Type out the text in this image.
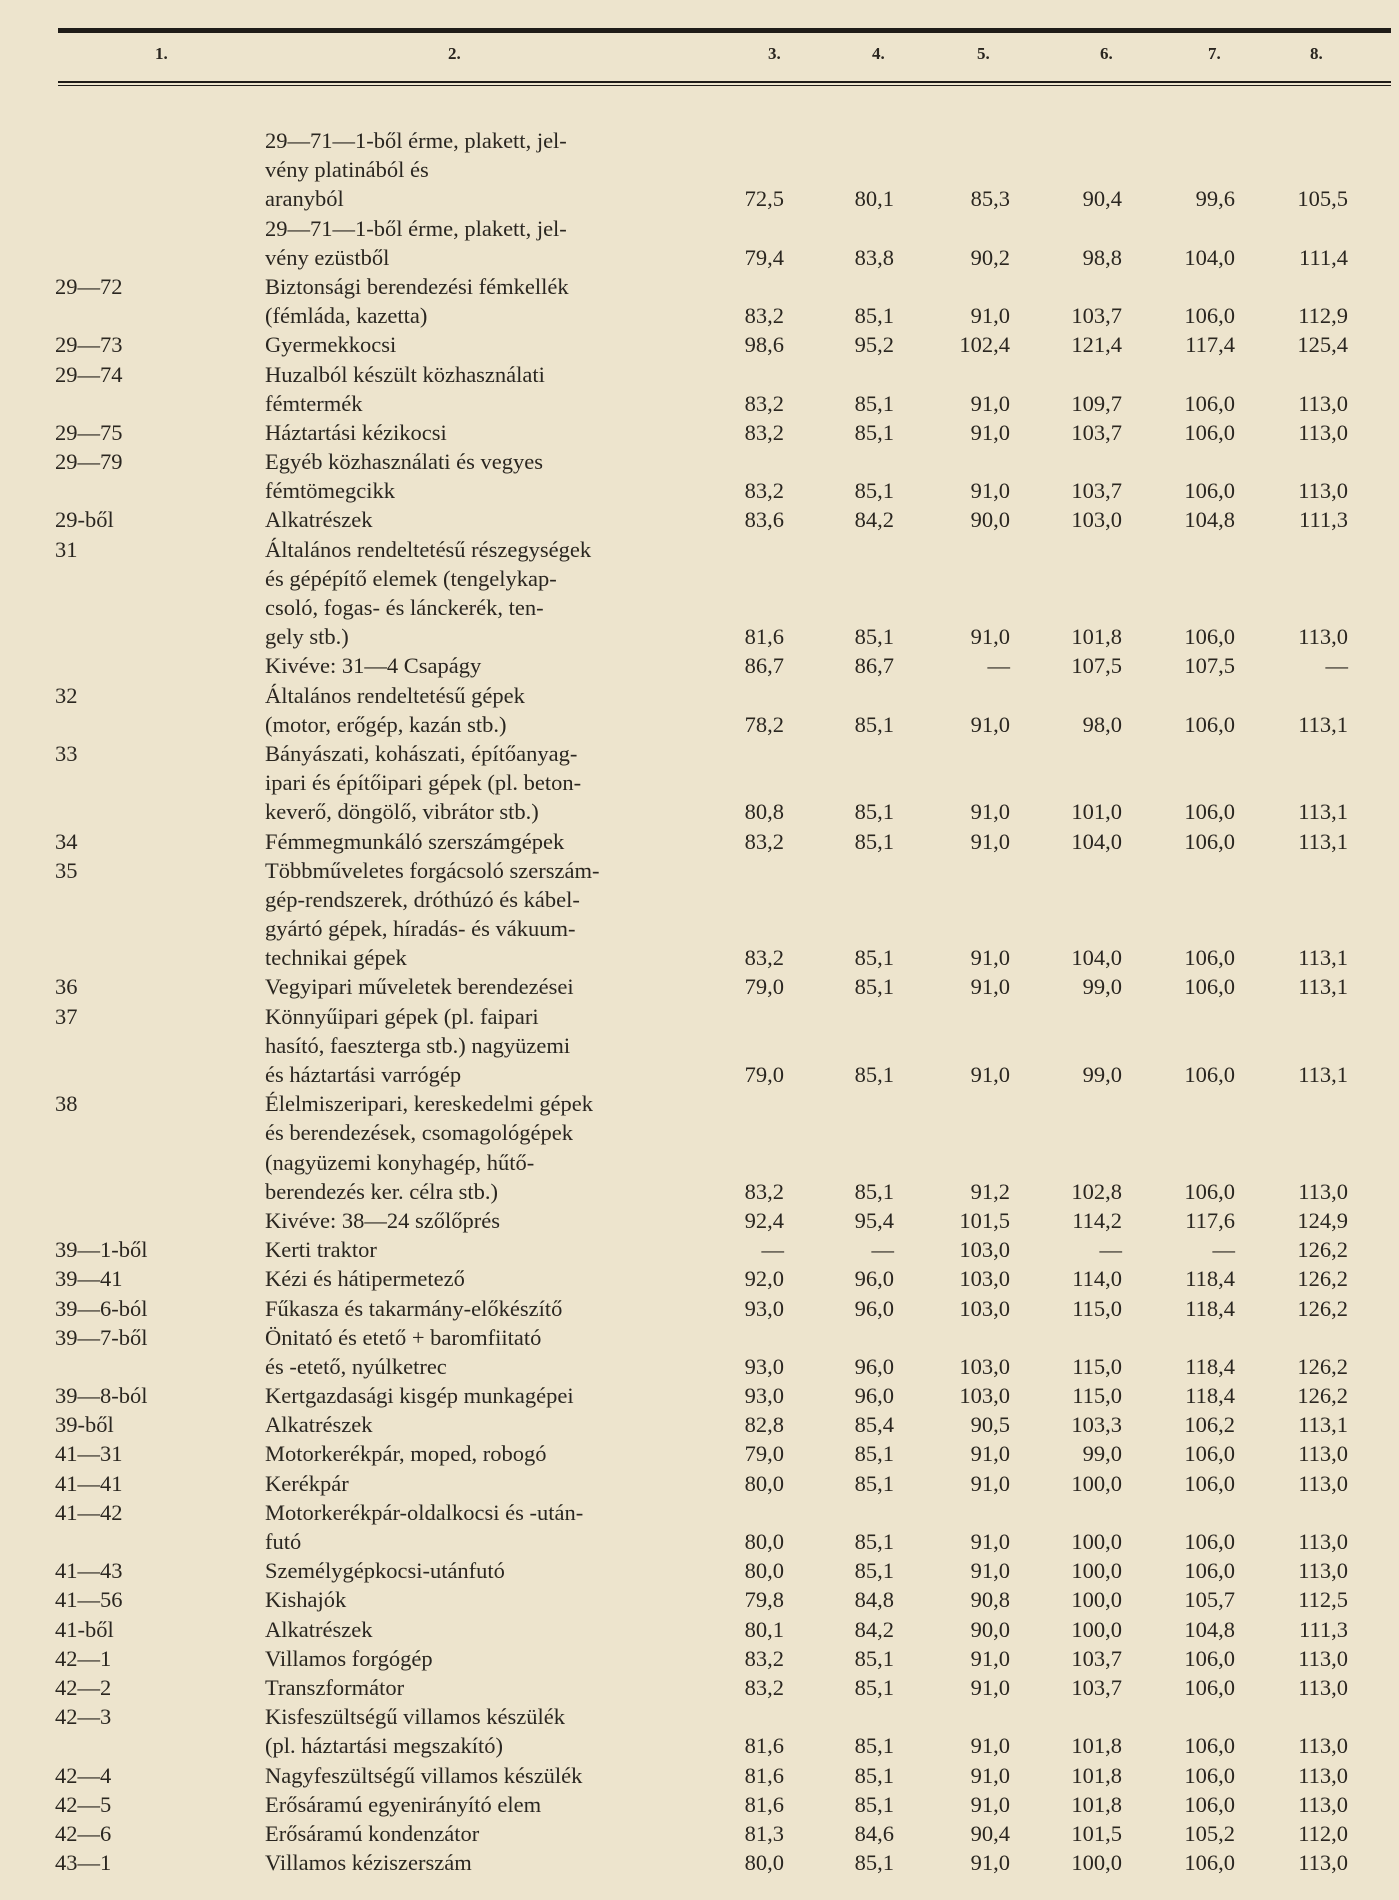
1.	2.	3.	4.	5.	6.	7.	8.
29—71—1-ből érme, plakett, jel-
vény platinából és
aranyból	72,5	80,1	85,3	90,4	99,6	105,5
29—71—1-ből érme, plakett, jel-
vény ezüstből	79,4	83,8	90,2	98,8	104,0	111,4
29—72	Biztonsági berendezési fémkellék
(fémláda, kazetta)	83,2	85,1	91,0	103,7	106,0	112,9
29—73	Gyermekkocsi	98,6	95,2	102,4	121,4	117,4	125,4
29—74	Huzalból készült közhasználati
fémtermék	83,2	85,1	91,0	109,7	106,0	113,0
29—75	Háztartási kézikocsi	83,2	85,1	91,0	103,7	106,0	113,0
29—79	Egyéb közhasználati és vegyes
fémtömegcikk	83,2	85,1	91,0	103,7	106,0	113,0
29-ből	Alkatrészek	83,6	84,2	90,0	103,0	104,8	111,3
31	Általános rendeltetésű részegységek
és gépépítő elemek (tengelykap-
csoló, fogas- és lánckerék, ten-
gely stb.)	81,6	85,1	91,0	101,8	106,0	113,0
Kivéve: 31—4 Csapágy	86,7	86,7	—	107,5	107,5	—
32	Általános rendeltetésű gépek
(motor, erőgép, kazán stb.)	78,2	85,1	91,0	98,0	106,0	113,1
33	Bányászati, kohászati, építőanyag-
ipari és építőipari gépek (pl. beton-
keverő, döngölő, vibrátor stb.)	80,8	85,1	91,0	101,0	106,0	113,1
34	Fémmegmunkáló szerszámgépek	83,2	85,1	91,0	104,0	106,0	113,1
35	Többműveletes forgácsoló szerszám-
gép-rendszerek, dróthúzó és kábel-
gyártó gépek, híradás- és vákuum-
technikai gépek	83,2	85,1	91,0	104,0	106,0	113,1
36	Vegyipari műveletek berendezései	79,0	85,1	91,0	99,0	106,0	113,1
37	Könnyűipari gépek (pl. faipari
hasító, faeszterga stb.) nagyüzemi
és háztartási varrógép	79,0	85,1	91,0	99,0	106,0	113,1
38	Élelmiszeripari, kereskedelmi gépek
és berendezések, csomagológépek
(nagyüzemi konyhagép, hűtő-
berendezés ker. célra stb.)	83,2	85,1	91,2	102,8	106,0	113,0
Kivéve: 38—24 szőlőprés	92,4	95,4	101,5	114,2	117,6	124,9
39—1-ből	Kerti traktor	—	—	103,0	—	—	126,2
39—41	Kézi és hátipermetező	92,0	96,0	103,0	114,0	118,4	126,2
39—6-ból	Fűkasza és takarmány-előkészítő	93,0	96,0	103,0	115,0	118,4	126,2
39—7-ből	Önitató és etető + baromfiitató
és -etető, nyúlketrec	93,0	96,0	103,0	115,0	118,4	126,2
39—8-ból	Kertgazdasági kisgép munkagépei	93,0	96,0	103,0	115,0	118,4	126,2
39-ből	Alkatrészek	82,8	85,4	90,5	103,3	106,2	113,1
41—31	Motorkerékpár, moped, robogó	79,0	85,1	91,0	99,0	106,0	113,0
41—41	Kerékpár	80,0	85,1	91,0	100,0	106,0	113,0
41—42	Motorkerékpár-oldalkocsi és -után-
futó	80,0	85,1	91,0	100,0	106,0	113,0
41—43	Személygépkocsi-utánfutó	80,0	85,1	91,0	100,0	106,0	113,0
41—56	Kishajók	79,8	84,8	90,8	100,0	105,7	112,5
41-ből	Alkatrészek	80,1	84,2	90,0	100,0	104,8	111,3
42—1	Villamos forgógép	83,2	85,1	91,0	103,7	106,0	113,0
42—2	Transzformátor	83,2	85,1	91,0	103,7	106,0	113,0
42—3	Kisfeszültségű villamos készülék
(pl. háztartási megszakító)	81,6	85,1	91,0	101,8	106,0	113,0
42—4	Nagyfeszültségű villamos készülék	81,6	85,1	91,0	101,8	106,0	113,0
42—5	Erősáramú egyenirányító elem	81,6	85,1	91,0	101,8	106,0	113,0
42—6	Erősáramú kondenzátor	81,3	84,6	90,4	101,5	105,2	112,0
43—1	Villamos kéziszerszám	80,0	85,1	91,0	100,0	106,0	113,0
